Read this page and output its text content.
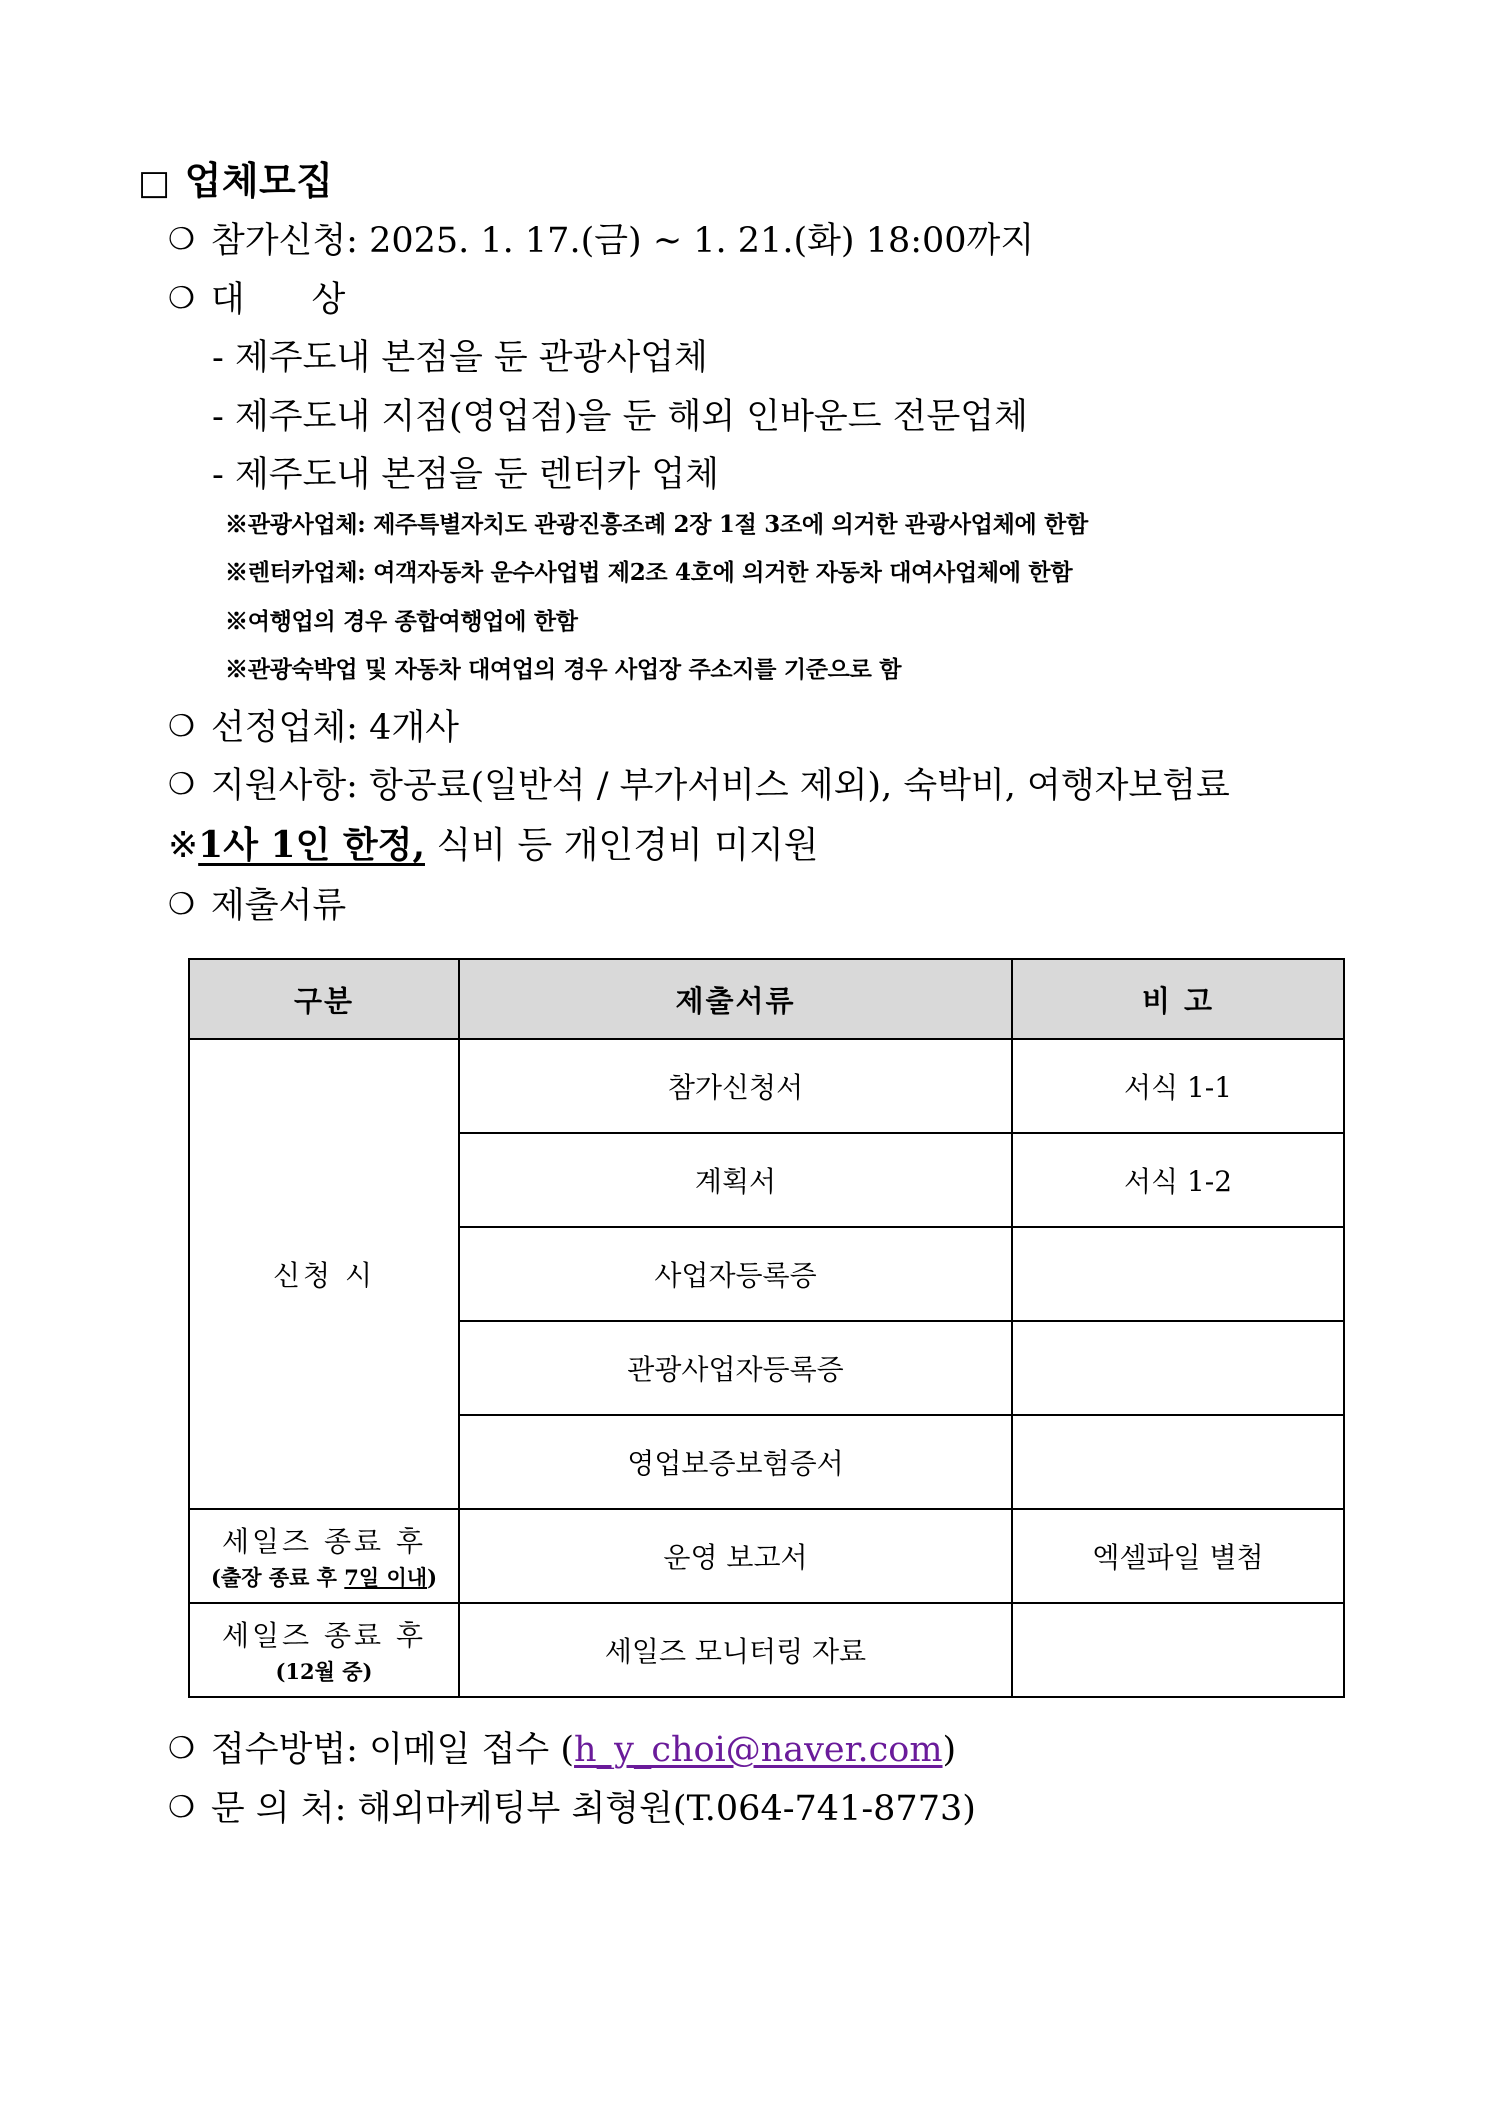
□ 업체모집
❍ 참가신청: 2025. 1. 17.(금) ~ 1. 21.(화) 18:00까지
❍ 대      상
- 제주도내 본점을 둔 관광사업체
- 제주도내 지점(영업점)을 둔 해외 인바운드 전문업체
- 제주도내 본점을 둔 렌터카 업체
※관광사업체: 제주특별자치도 관광진흥조례 2장 1절 3조에 의거한 관광사업체에 한함
※렌터카업체: 여객자동차 운수사업법 제2조 4호에 의거한 자동차 대여사업체에 한함
※여행업의 경우 종합여행업에 한함
※관광숙박업 및 자동차 대여업의 경우 사업장 주소지를 기준으로 함
❍ 선정업체: 4개사
❍ 지원사항: 항공료(일반석 / 부가서비스 제외), 숙박비, 여행자보험료
※1사 1인 한정, 식비 등 개인경비 미지원
❍ 제출서류
구분	제출서류	비 고
신청 시	참가신청서	서식 1-1
	계획서	서식 1-2
	사업자등록증	
	관광사업자등록증	
	영업보증보험증서	
세일즈 종료 후
(출장 종료 후 7일 이내)	운영 보고서	엑셀파일 별첨
세일즈 종료 후
(12월 중)	세일즈 모니터링 자료	
❍ 접수방법: 이메일 접수 (h_y_choi@naver.com)
❍ 문 의 처: 해외마케팅부 최형원(T.064-741-8773)
